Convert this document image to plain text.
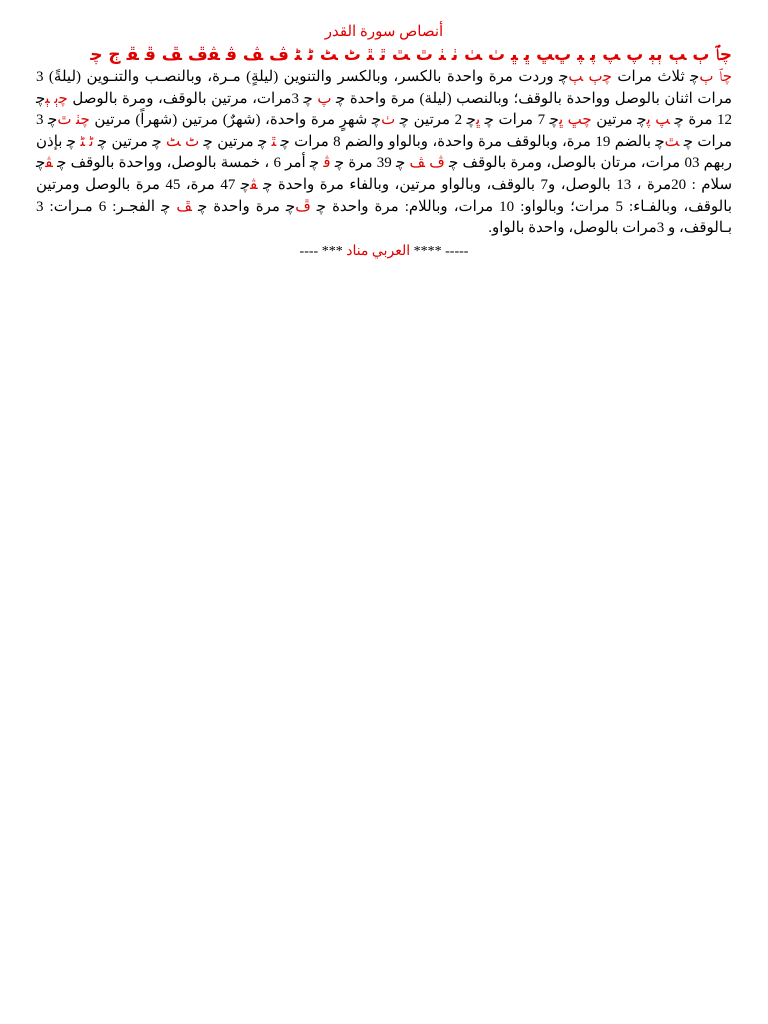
أنصاص سورة القدر
ﭼﭑ ﭒ ﭓ ﭔﭕ ﭖ ﭗ ﭘ ﭙ ﭚﭛ ﭜ ﭝ ﭞ ﭟ ﭠ ﭡ ﭢ ﭣ ﭤ ﭥ ﭦ ﭧ ﭨ ﭩ ﭪ ﭫ ﭬ ﭭﭮ ﭯ ﭰ ﭱ ﭲ ﭼ

ﭼﭑ ﭒﭼ ثلاث مرات ﭼﭒ ﭓﭼ وردت مرة واحدة بالكسر، وبالكسر والتنوين (ليلةٍ) مـرة، وبالنصـب والتنـوين (ليلةً) 3 مرات اثنان بالوصل وواحدة بالوقف؛ وبالنصب (ليلة) مرة واحدة ﭼ ﭖ ﭼ 3مرات، مرتين بالوقف، ومرة بالوصل ﭼﭔ ﭕﭼ 12 مرة ﭼ ﭗ ﭘﭼ مرتين ﭼﭛ ﭜﭼ 7 مرات ﭼ ﭜﭼ 2 مرتين ﭼ ﭞﭼ شهرٍ مرة واحدة، (شهرٌ) مرتين (شهراً) مرتين ﭼﭡ ﭢﭼ 3 مرات ﭼ ﭣﭼ بالضم 19 مرة، وبالوقف مرة واحدة، وبالواو والضم 8 مرات ﭼ ﭥ ﭼ مرتين ﭼ ﭦ ﭧ ﭼ مرتين ﭼ ﭨ ﭩ ﭼ بإذن ربهم 03 مرات، مرتان بالوصل، ومرة بالوقف ﭼ ﭪ ﭫ ﭼ 39 مرة ﭼ ﭬ ﭼ أمر 6 ، خمسة بالوصل، وواحدة بالوقف ﭼ ﭭﭼ سلام : 20مرة ، 13 بالوصل، و7 بالوقف، وبالواو مرتين، وبالفاء مرة واحدة ﭼ ﭭﭼ 47 مرة، 45 مرة بالوصل ومرتين بالوقف، وبالفـاء: 5 مرات؛ وبالواو: 10 مرات، وباللام: مرة واحدة ﭼ ﭮﭼ مرة واحدة ﭼ ﭯ ﭼ الفجـر: 6 مـرات: 3 بـالوقف، و 3مرات بالوصل، واحدة بالواو.

----- **** العربي مناد *** ----
